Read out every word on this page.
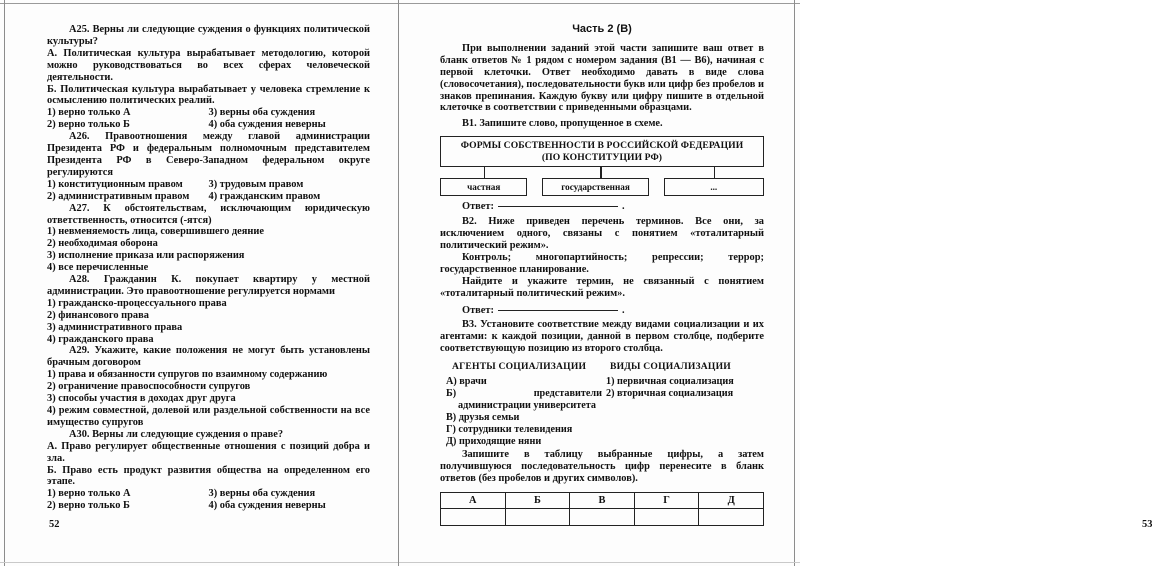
A25. Верны ли следующие суждения о функциях политической культуры?

А. Политическая культура вырабатывает методологию, которой можно руководствоваться во всех сферах человеческой деятельности.

Б. Политическая культура вырабатывает у человека стремление к осмыслению политических реалий.

1) верно только А	3) верны оба суждения

2) верно только Б	4) оба суждения неверны

A26. Правоотношения между главой администрации Президента РФ и федеральным полномочным представителем Президента РФ в Северо-Западном федеральном округе регулируются

1) конституционным правом	3) трудовым правом

2) административным правом	4) гражданским правом

A27. К обстоятельствам, исключающим юридическую ответственность, относится (-ятся)

1) невменяемость лица, совершившего деяние

2) необходимая оборона

3) исполнение приказа или распоряжения

4) все перечисленные

A28. Гражданин К. покупает квартиру у местной администрации. Это правоотношение регулируется нормами

1) гражданско-процессуального права

2) финансового права

3) административного права

4) гражданского права

A29. Укажите, какие положения не могут быть установлены брачным договором

1) права и обязанности супругов по взаимному содержанию

2) ограничение правоспособности супругов

3) способы участия в доходах друг друга

4) режим совместной, долевой или раздельной собственности на все имущество супругов

A30. Верны ли следующие суждения о праве?

А. Право регулирует общественные отношения с позиций добра и зла.

Б. Право есть продукт развития общества на определенном его этапе.

1) верно только А	3) верны оба суждения

2) верно только Б	4) оба суждения неверны

52

Часть 2 (B)

При выполнении заданий этой части запишите ваш ответ в бланк ответов № 1 рядом с номером задания (В1 — В6), начиная с первой клеточки. Ответ необходимо давать в виде слова (словосочетания), последовательности букв или цифр без пробелов и знаков препинания. Каждую букву или цифру пишите в отдельной клеточке в соответствии с приведенными образцами.

В1. Запишите слово, пропущенное в схеме.

ФОРМЫ СОБСТВЕННОСТИ В РОССИЙСКОЙ ФЕДЕРАЦИИ
(ПО КОНСТИТУЦИИ РФ)
частная	государственная	...

Ответ:	.

В2. Ниже приведен перечень терминов. Все они, за исключением одного, связаны с понятием «тоталитарный политический режим».

Контроль; многопартийность; репрессии; террор; государственное планирование.

Найдите и укажите термин, не связанный с понятием «тоталитарный политический режим».

Ответ:	.

В3. Установите соответствие между видами социализации и их агентами: к каждой позиции, данной в первом столбце, подберите соответствующую позицию из второго столбца.

АГЕНТЫ СОЦИАЛИЗАЦИИ
А) врачи
Б) представители администрации университета
В) друзья семьи
Г) сотрудники телевидения
Д) приходящие няни
ВИДЫ СОЦИАЛИЗАЦИИ
1) первичная социализация
2) вторичная социализация

Запишите в таблицу выбранные цифры, а затем получившуюся последовательность цифр перенесите в бланк ответов (без пробелов и других символов).

А	Б	В	Г	Д

53
